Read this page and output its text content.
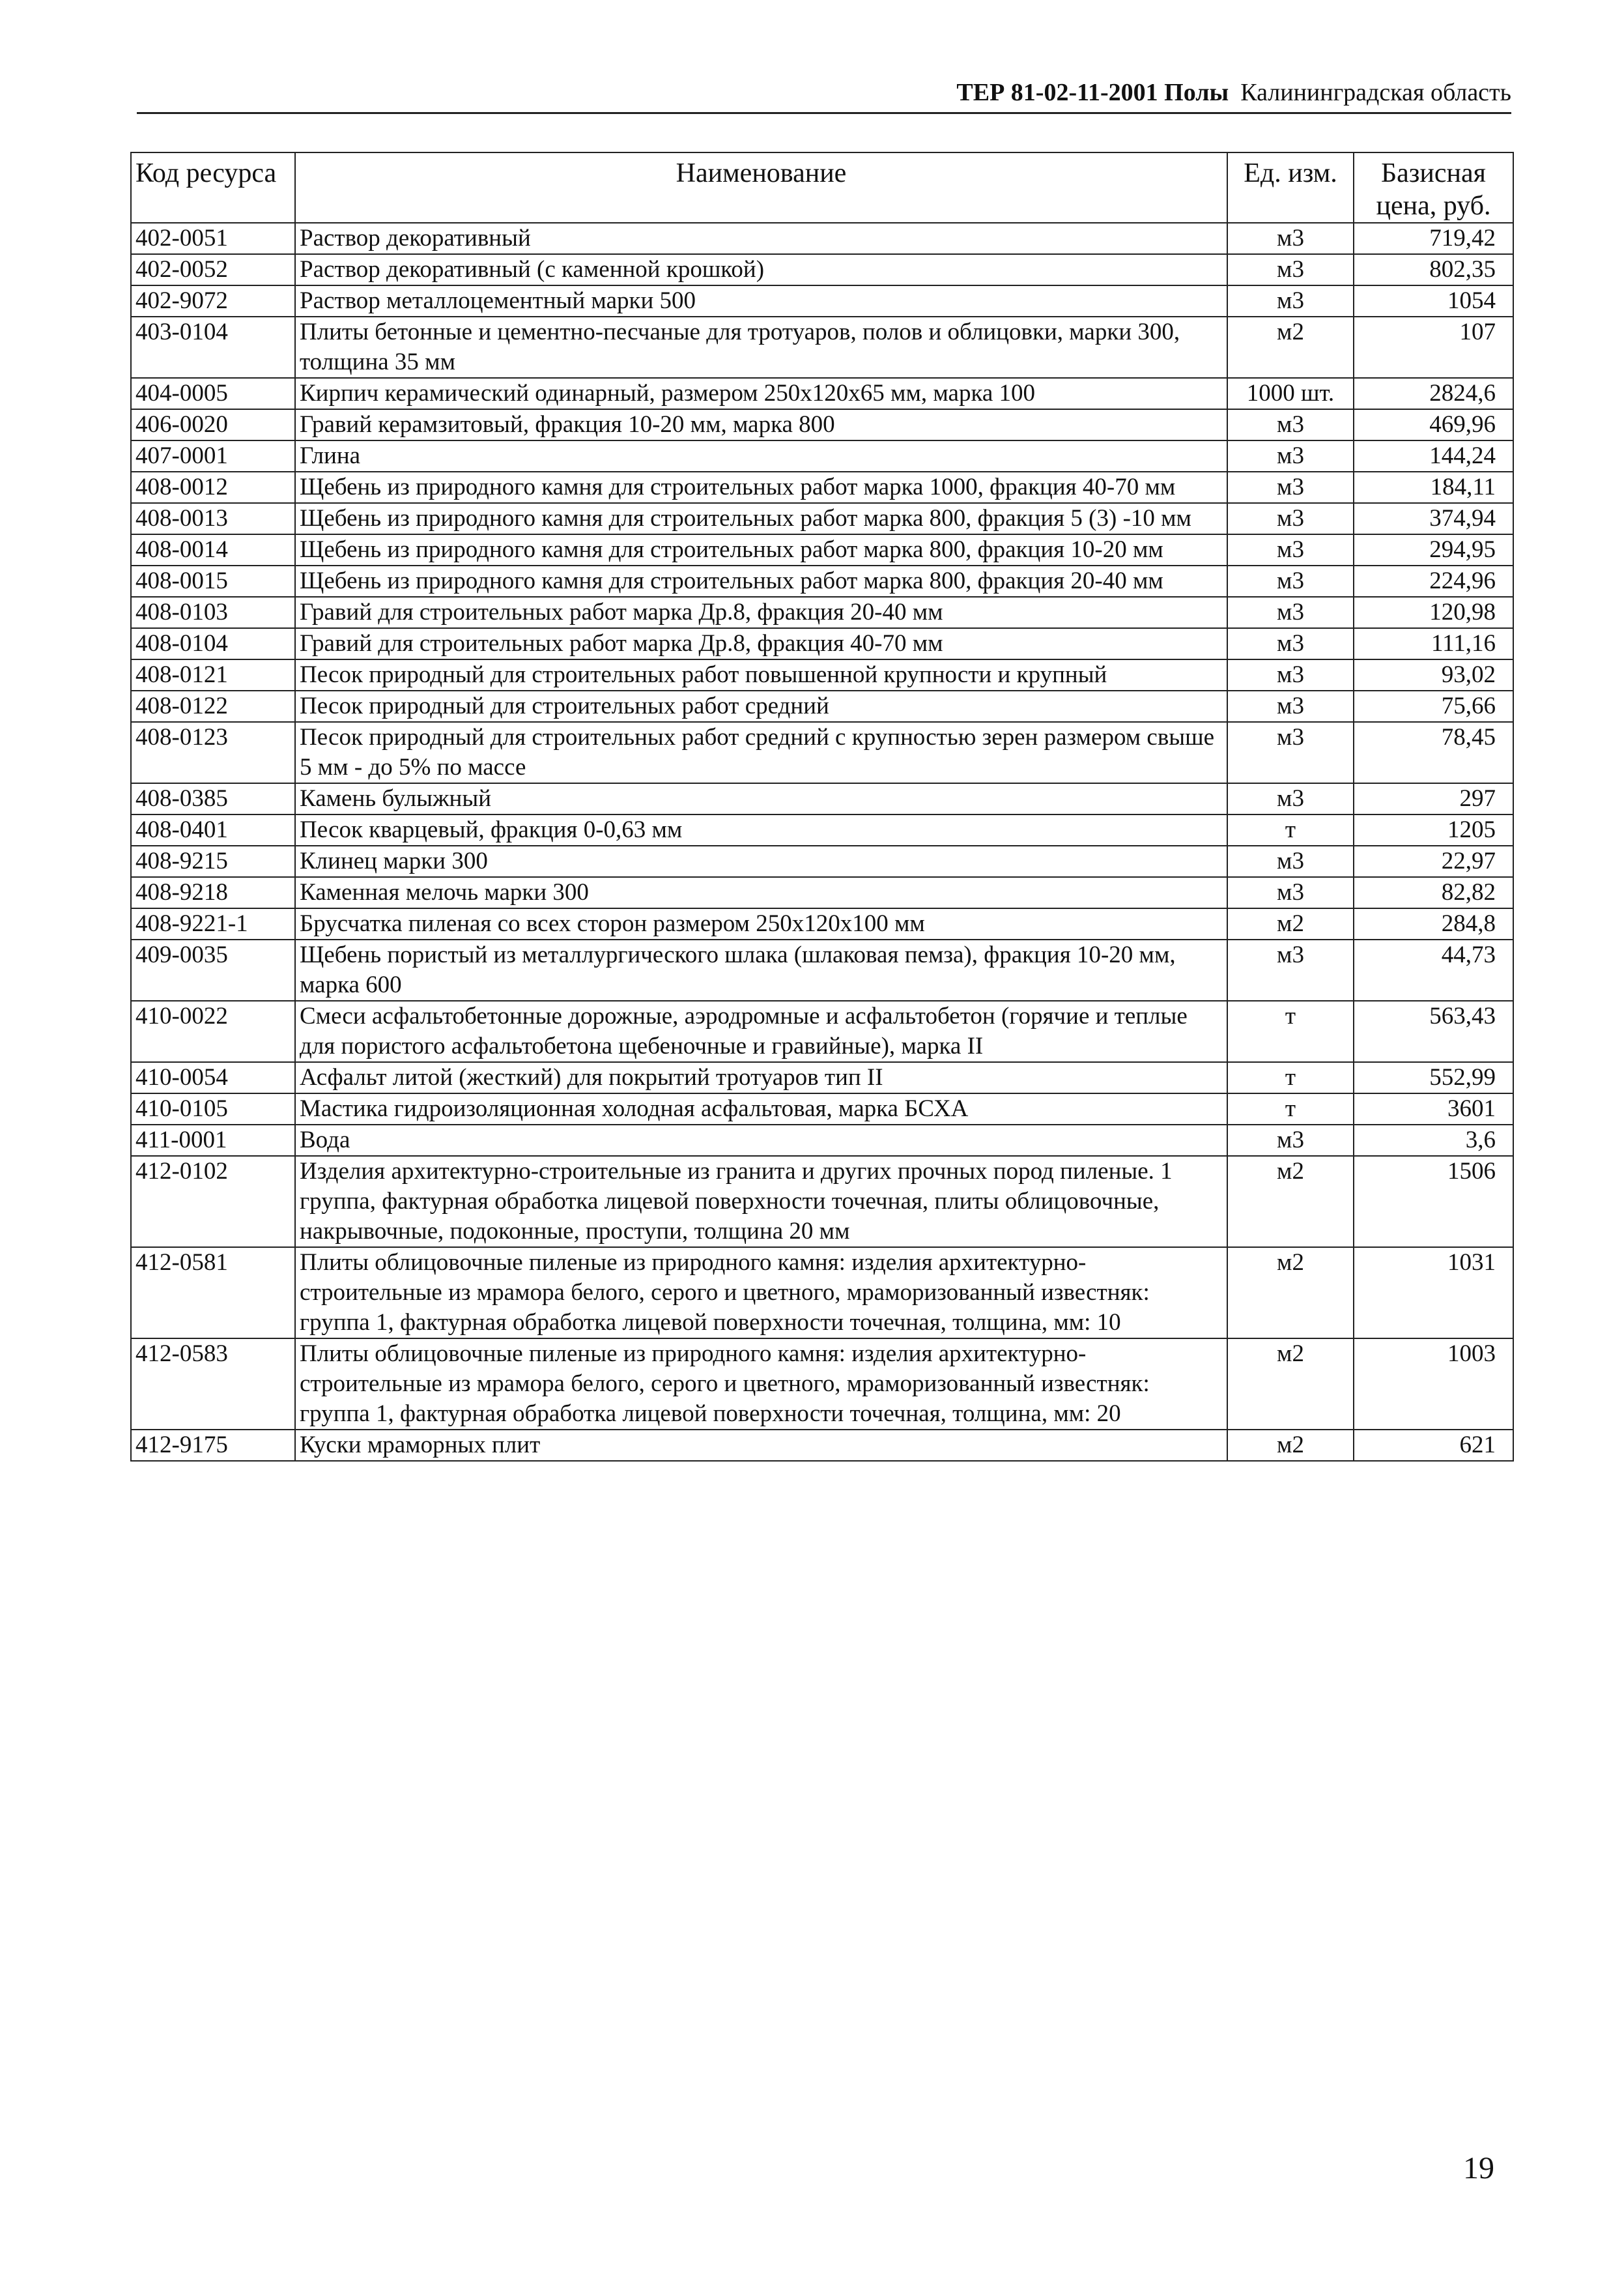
ТЕР 81-02-11-2001 Полы Калининградская область
Код ресурса	Наименование	Ед. изм.	Базисная цена, руб.
402-0051	Раствор декоративный	м3	719,42
402-0052	Раствор декоративный (с каменной крошкой)	м3	802,35
402-9072	Раствор металлоцементный марки 500	м3	1054
403-0104	Плиты бетонные и цементно-песчаные для тротуаров, полов и облицовки, марки 300, толщина 35 мм	м2	107
404-0005	Кирпич керамический одинарный, размером 250x120x65 мм, марка 100	1000 шт.	2824,6
406-0020	Гравий керамзитовый, фракция 10-20 мм, марка 800	м3	469,96
407-0001	Глина	м3	144,24
408-0012	Щебень из природного камня для строительных работ марка 1000, фракция 40-70 мм	м3	184,11
408-0013	Щебень из природного камня для строительных работ марка 800, фракция 5 (3) -10 мм	м3	374,94
408-0014	Щебень из природного камня для строительных работ марка 800, фракция 10-20 мм	м3	294,95
408-0015	Щебень из природного камня для строительных работ марка 800, фракция 20-40 мм	м3	224,96
408-0103	Гравий для строительных работ марка Др.8, фракция 20-40 мм	м3	120,98
408-0104	Гравий для строительных работ марка Др.8, фракция 40-70 мм	м3	111,16
408-0121	Песок природный для строительных работ повышенной крупности и крупный	м3	93,02
408-0122	Песок природный для строительных работ средний	м3	75,66
408-0123	Песок природный для строительных работ средний с крупностью зерен размером свыше 5 мм - до 5% по массе	м3	78,45
408-0385	Камень булыжный	м3	297
408-0401	Песок кварцевый, фракция 0-0,63 мм	т	1205
408-9215	Клинец марки 300	м3	22,97
408-9218	Каменная мелочь марки 300	м3	82,82
408-9221-1	Брусчатка пиленая со всех сторон размером 250x120x100 мм	м2	284,8
409-0035	Щебень пористый из металлургического шлака (шлаковая пемза), фракция 10-20 мм, марка 600	м3	44,73
410-0022	Смеси асфальтобетонные дорожные, аэродромные и асфальтобетон (горячие и теплые для пористого асфальтобетона щебеночные и гравийные), марка II	т	563,43
410-0054	Асфальт литой (жесткий) для покрытий тротуаров тип II	т	552,99
410-0105	Мастика гидроизоляционная холодная асфальтовая, марка БСХА	т	3601
411-0001	Вода	м3	3,6
412-0102	Изделия архитектурно-строительные из гранита и других прочных пород пиленые. 1 группа, фактурная обработка лицевой поверхности точечная, плиты облицовочные, накрывочные, подоконные, проступи, толщина 20 мм	м2	1506
412-0581	Плиты облицовочные пиленые из природного камня: изделия архитектурно-строительные из мрамора белого, серого и цветного, мраморизованный известняк: группа 1, фактурная обработка лицевой поверхности точечная, толщина, мм: 10	м2	1031
412-0583	Плиты облицовочные пиленые из природного камня: изделия архитектурно-строительные из мрамора белого, серого и цветного, мраморизованный известняк: группа 1, фактурная обработка лицевой поверхности точечная, толщина, мм: 20	м2	1003
412-9175	Куски мраморных плит	м2	621
19
